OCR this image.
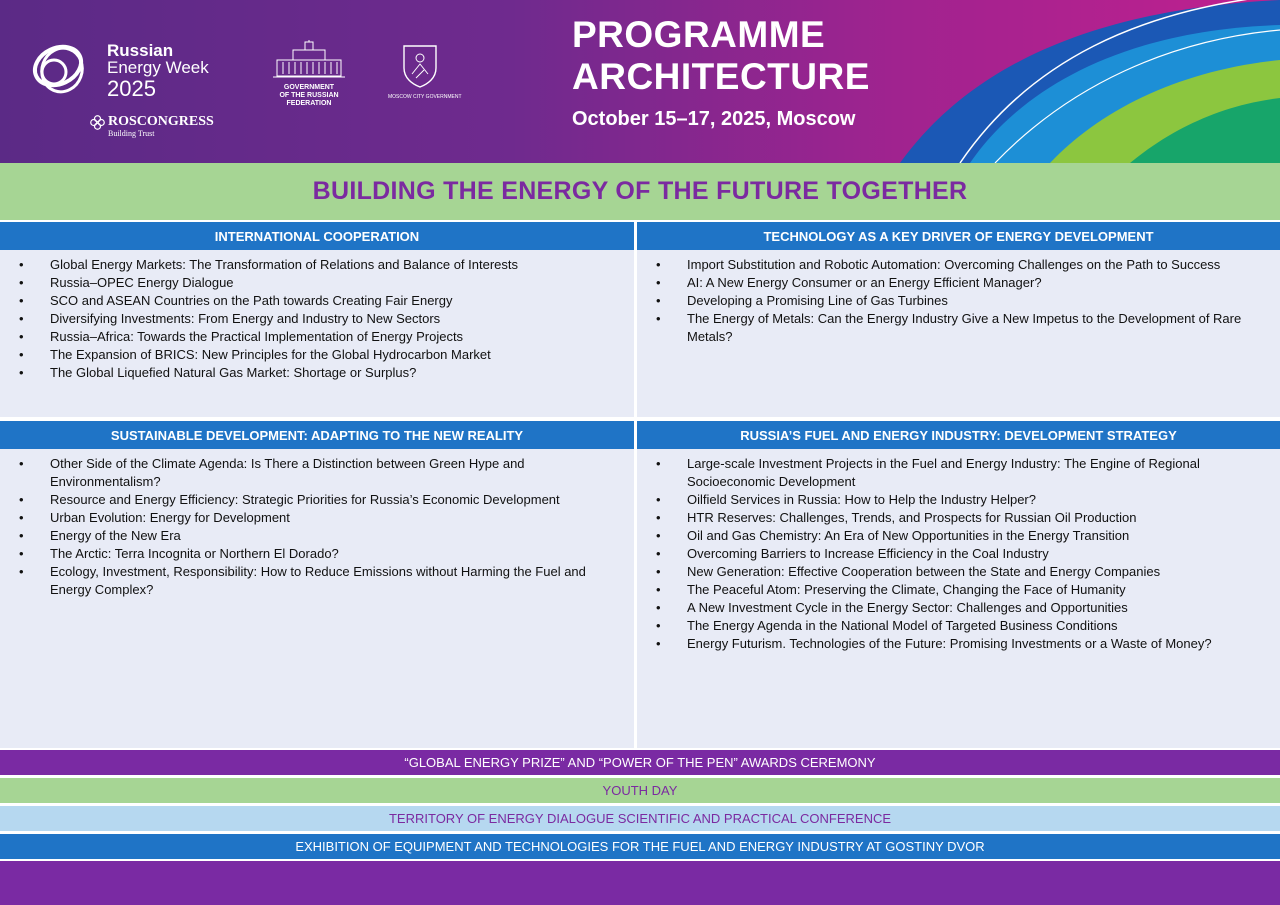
Russian
Energy Week
2025
ROSCONGRESS
Building Trust
GOVERNMENT
OF THE RUSSIAN
FEDERATION
MOSCOW CITY GOVERNMENT
PROGRAMME
ARCHITECTURE
October 15–17, 2025, Moscow
BUILDING THE ENERGY OF THE FUTURE TOGETHER
INTERNATIONAL COOPERATION
• Global Energy Markets: The Transformation of Relations and Balance of Interests
• Russia–OPEC Energy Dialogue
• SCO and ASEAN Countries on the Path towards Creating Fair Energy
• Diversifying Investments: From Energy and Industry to New Sectors
• Russia–Africa: Towards the Practical Implementation of Energy Projects
• The Expansion of BRICS: New Principles for the Global Hydrocarbon Market
• The Global Liquefied Natural Gas Market: Shortage or Surplus?
TECHNOLOGY AS A KEY DRIVER OF ENERGY DEVELOPMENT
• Import Substitution and Robotic Automation: Overcoming Challenges on the Path to Success
• AI: A New Energy Consumer or an Energy Efficient Manager?
• Developing a Promising Line of Gas Turbines
• The Energy of Metals: Can the Energy Industry Give a New Impetus to the Development of Rare Metals?
SUSTAINABLE DEVELOPMENT: ADAPTING TO THE NEW REALITY
• Other Side of the Climate Agenda: Is There a Distinction between Green Hype and Environmentalism?
• Resource and Energy Efficiency: Strategic Priorities for Russia’s Economic Development
• Urban Evolution: Energy for Development
• Energy of the New Era
• The Arctic: Terra Incognita or Northern El Dorado?
• Ecology, Investment, Responsibility: How to Reduce Emissions without Harming the Fuel and Energy Complex?
RUSSIA’S FUEL AND ENERGY INDUSTRY: DEVELOPMENT STRATEGY
• Large-scale Investment Projects in the Fuel and Energy Industry: The Engine of Regional Socioeconomic Development
• Oilfield Services in Russia: How to Help the Industry Helper?
• HTR Reserves: Challenges, Trends, and Prospects for Russian Oil Production
• Oil and Gas Chemistry: An Era of New Opportunities in the Energy Transition
• Overcoming Barriers to Increase Efficiency in the Coal Industry
• New Generation: Effective Cooperation between the State and Energy Companies
• The Peaceful Atom: Preserving the Climate, Changing the Face of Humanity
• A New Investment Cycle in the Energy Sector: Challenges and Opportunities
• The Energy Agenda in the National Model of Targeted Business Conditions
• Energy Futurism. Technologies of the Future: Promising Investments or a Waste of Money?
“GLOBAL ENERGY PRIZE” AND “POWER OF THE PEN” AWARDS CEREMONY
YOUTH DAY
TERRITORY OF ENERGY DIALOGUE SCIENTIFIC AND PRACTICAL CONFERENCE
EXHIBITION OF EQUIPMENT AND TECHNOLOGIES FOR THE FUEL AND ENERGY INDUSTRY AT GOSTINY DVOR
